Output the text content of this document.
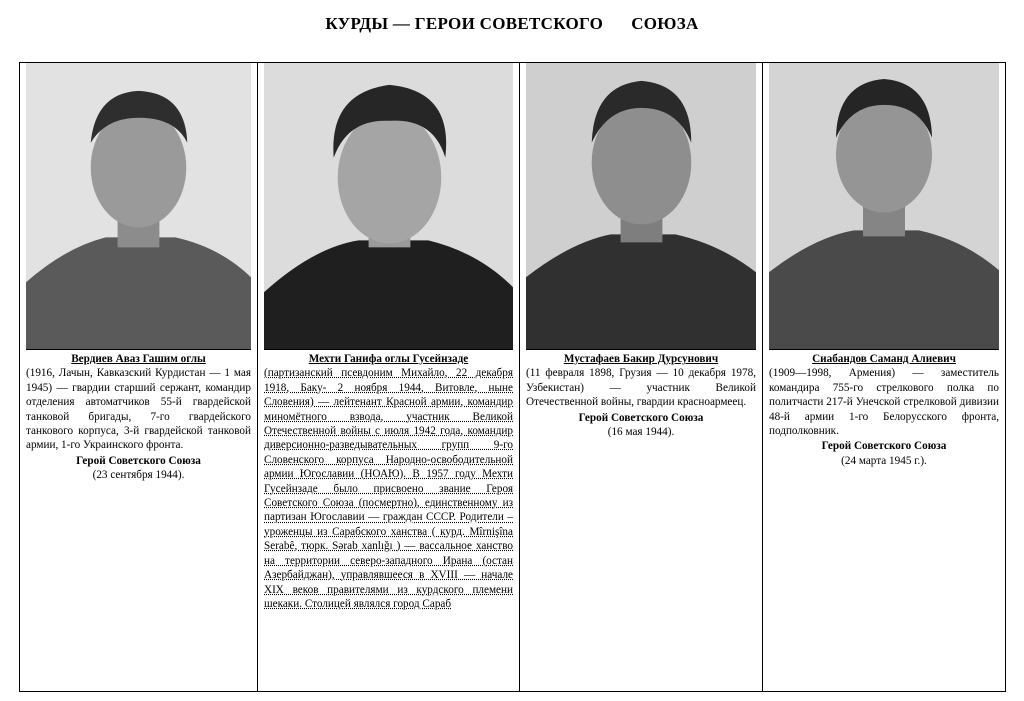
КУРДЫ — ГЕРОИ СОВЕТСКОГО СОЮЗА
Вердиев Аваз Гашим оглы
(1916, Лачын, Кавказский Курдистан — 1 мая 1945) — гвардии старший сержант, командир отделения автоматчиков 55-й гвардейской танковой бригады, 7-го гвардейского танкового корпуса, 3-й гвардейской танковой армии, 1-го Украинского фронта.
Герой Советского Союза
(23 сентября 1944).
Мехти Ганифа оглы Гусейнзаде
(партизанский псевдоним Михайло, 22 декабря 1918, Баку- 2 ноября 1944, Витовле, ныне Словения) — лейтенант Красной армии, командир миномётного взвода, участник Великой Отечественной войны с июля 1942 года, командир диверсионно-разведывательных групп 9-го Словенского корпуса Народно-освободительной армии Югославии (НОАЮ). В 1957 году Мехти Гусейнзаде было присвоено звание Героя Советского Союза (посмертно), единственному из партизан Югославии — граждан СССР. Родители – уроженцы из Сарабского ханства ( курд. Mîrnişîna Serabê, тюрк. Sərab xanlığı ) — вассальное ханство на территории северо-западного Ирана (остан Азербайджан), управлявшееся в XVIII — начале XIX веков правителями из курдского племени шекаки. Столицей являлся город Сараб
Мустафаев Бакир Дурсунович
(11 февраля 1898, Грузия — 10 декабря 1978, Узбекистан) — участник Великой Отечественной войны, гвардии красноармеец.
Герой Советского Союза
(16 мая 1944).
Сиабандов Саманд Алиевич
(1909—1998, Армения) — заместитель командира 755-го стрелкового полка по политчасти 217-й Унечской стрелковой дивизии 48-й армии 1-го Белорусского фронта, подполковник.
Герой Советского Союза
(24 марта 1945 г.).
